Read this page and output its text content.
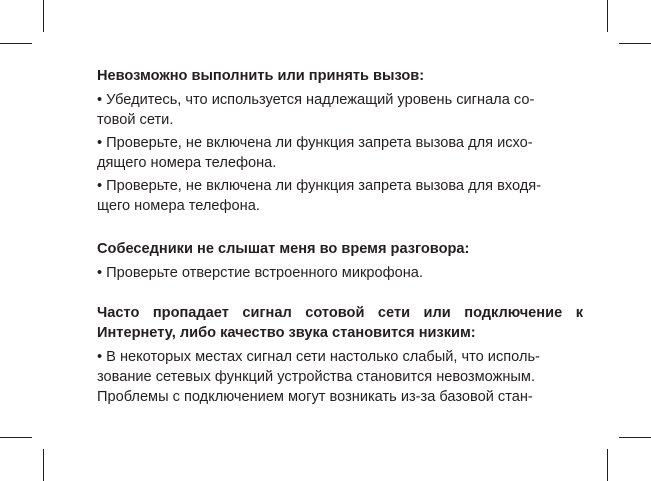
Невозможно выполнить или принять вызов:

• Убедитесь, что используется надлежащий уровень сигнала со-
товой сети.

• Проверьте, не включена ли функция запрета вызова для исхо-
дящего номера телефона.

• Проверьте, не включена ли функция запрета вызова для входя-
щего номера телефона.

Собеседники не слышат меня во время разговора:

• Проверьте отверстие встроенного микрофона.

Часто пропадает сигнал сотовой сети или подключение к Интернету, либо качество звука становится низким:

• В некоторых местах сигнал сети настолько слабый, что исполь-
зование сетевых функций устройства становится невозможным.
Проблемы с подключением могут возникать из-за базовой стан-
